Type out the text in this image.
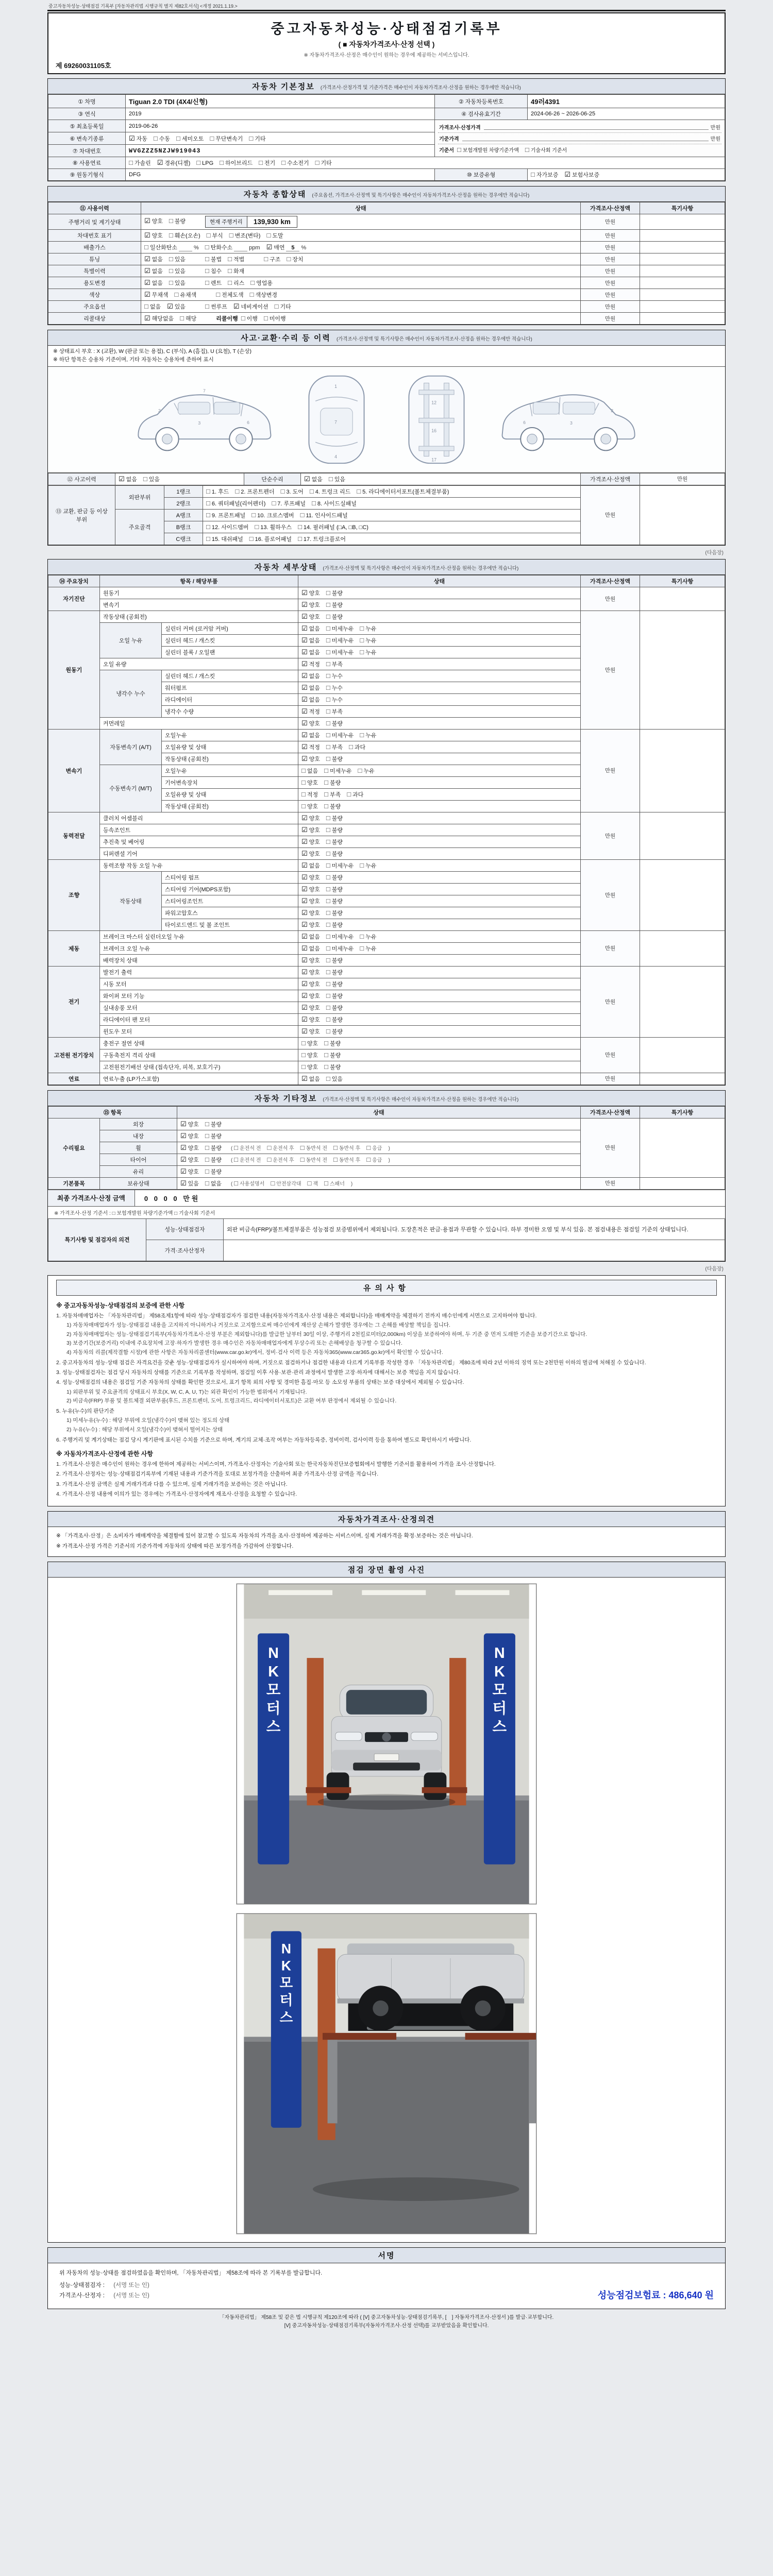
중고자동차성능·상태점검 기록부 [자동차관리법 시행규칙 별지 제82호서식] <개정 2021.1.19.>
중고자동차성능·상태점검기록부
( ■ 자동차가격조사·산정 선택 )
※ 자동차가격조사·산정은 매수인이 원하는 경우에 제공하는 서비스입니다.
제 69260031105호
자동차 기본정보 (가격조사·산정가격 및 기준가격은 매수인이 자동차가격조사·산정을 원하는 경우에만 적습니다)
① 차명	Tiguan 2.0 TDI (4X4/신형)	② 자동차등록번호	49러4391
③ 연식	2019	④ 검사유효기간	2024-06-26 ~ 2026-06-25
⑤ 최초등록일	2019-06-26	가격조사·산정가격	만원
기준가격	만원
기준서 □ 보험개발원 차량기준가액 □ 기술사회 기준서

⑥ 변속기종류	☑ 자동 □ 수동 □ 세미오토 □ 무단변속기 □ 기타		
⑦ 차대번호	WVGZZZ5NZJW919043		
⑧ 사용연료	□ 가솔린 ☑ 경유(디젤) □ LPG □ 하이브리드 □ 전기 □ 수소전기 □ 기타		
⑨ 원동기형식	DFG	⑩ 보증유형	□ 자가보증 ☑ 보험사보증
자동차 종합상태 (주요옵션, 가격조사·산정액 및 특기사항은 매수인이 자동차가격조사·산정을 원하는 경우에만 적습니다)
⑪ 사용이력	상태	가격조사·산정액	특기사항
주행거리 및 계기상태	☑ 양호 □ 불량 현재 주행거리 139,930 km	만원	
차대번호 표기	☑ 양호 □ 훼손(오손) □ 부식 □ 변조(변타) □ 도말	만원	
배출가스	□ 일산화탄소 % □ 탄화수소 ppm ☑ 매연 5 %	만원	
튜닝	☑ 없음 □ 있음 □ 불법 □ 적법 □ 구조 □ 장치	만원	
특별이력	☑ 없음 □ 있음 □ 침수 □ 화재	만원	
용도변경	☑ 없음 □ 있음 □ 렌트 □ 리스 □ 영업용	만원	
색상	☑ 무채색 □ 유채색 □ 전체도색 □ 색상변경	만원	
주요옵션	□ 없음 ☑ 있음 □ 썬루프 ☑ 네비게이션 □ 기타	만원	
리콜대상	☑ 해당없음 □ 해당 리콜이행 □ 이행 □ 미이행	만원	
사고·교환·수리 등 이력 (가격조사·산정액 및 특기사항은 매수인이 자동차가격조사·산정을 원하는 경우에만 적습니다)
※ 상태표시 부호 : X (교환), W (판금 또는 용접), C (부식), A (흠집), U (요철), T (손상)
※ 하단 항목은 승용차 기준이며, 기타 자동차는 승용차에 준하여 표시
2
3	6
7
1
7
4
12
16
17
2
3
6
⑫ 사고이력	☑ 없음 □ 있음	단순수리	☑ 없음 □ 있음	가격조사·산정액	만원
⑬ 교환, 판금 등 이상 부위	외판부위	1랭크	□ 1. 후드 □ 2. 프론트펜더 □ 3. 도어 □ 4. 트렁크 리드 □ 5. 라디에이터서포트(볼트체결부품)	만원	
		2랭크	□ 6. 쿼터패널(리어펜더) □ 7. 루프패널 □ 8. 사이드실패널		
	주요골격	A랭크	□ 9. 프론트패널 □ 10. 크로스멤버 □ 11. 인사이드패널		
		B랭크	□ 12. 사이드멤버 □ 13. 휠하우스 □ 14. 필러패널 (□A, □B, □C)		
		C랭크	□ 15. 대쉬패널 □ 16. 플로어패널 □ 17. 트렁크플로어		
(다음장)
자동차 세부상태 (가격조사·산정액 및 특기사항은 매수인이 자동차가격조사·산정을 원하는 경우에만 적습니다)
⑭ 주요장치	항목 / 해당부품		상태	가격조사·산정액	특기사항
자기진단	원동기		☑ 양호 □ 불량	만원	
	변속기		☑ 양호 □ 불량		
원동기	작동상태 (공회전)		☑ 양호 □ 불량	만원	
	오일 누유	실린더 커버 (로커암 커버)	☑ 없음 □ 미세누유 □ 누유		
		실린더 헤드 / 개스킷	☑ 없음 □ 미세누유 □ 누유		
		실린더 블록 / 오일팬	☑ 없음 □ 미세누유 □ 누유		
	오일 유량		☑ 적정 □ 부족		
	냉각수 누수	실린더 헤드 / 개스킷	☑ 없음 □ 누수		
		워터펌프	☑ 없음 □ 누수		
		라디에이터	☑ 없음 □ 누수		
		냉각수 수량	☑ 적정 □ 부족		
	커먼레일		☑ 양호 □ 불량		
변속기	자동변속기 (A/T)	오일누유	☑ 없음 □ 미세누유 □ 누유	만원	
		오일유량 및 상태	☑ 적정 □ 부족 □ 과다		
		작동상태 (공회전)	☑ 양호 □ 불량		
	수동변속기 (M/T)	오일누유	□ 없음 □ 미세누유 □ 누유		
		기어변속장치	□ 양호 □ 불량		
		오일유량 및 상태	□ 적정 □ 부족 □ 과다		
		작동상태 (공회전)	□ 양호 □ 불량		
동력전달	클러치 어셈블리		☑ 양호 □ 불량	만원	
	등속조인트		☑ 양호 □ 불량		
	추진축 및 베어링		☑ 양호 □ 불량		
	디퍼렌셜 기어		☑ 양호 □ 불량		
조향	동력조향 작동 오일 누유		☑ 없음 □ 미세누유 □ 누유	만원	
	작동상태	스티어링 펌프	☑ 양호 □ 불량		
		스티어링 기어(MDPS포함)	☑ 양호 □ 불량		
		스티어링조인트	☑ 양호 □ 불량		
		파워고압호스	☑ 양호 □ 불량		
		타이로드엔드 및 볼 조인트	☑ 양호 □ 불량		
제동	브레이크 마스터 실린더오일 누유		☑ 없음 □ 미세누유 □ 누유	만원	
	브레이크 오일 누유		☑ 없음 □ 미세누유 □ 누유		
	배력장치 상태		☑ 양호 □ 불량		
전기	발전기 출력		☑ 양호 □ 불량	만원	
	시동 모터		☑ 양호 □ 불량		
	와이퍼 모터 기능		☑ 양호 □ 불량		
	실내송풍 모터		☑ 양호 □ 불량		
	라디에이터 팬 모터		☑ 양호 □ 불량		
	윈도우 모터		☑ 양호 □ 불량		
고전원 전기장치	충전구 절연 상태		□ 양호 □ 불량	만원	
	구동축전지 격리 상태		□ 양호 □ 불량		
	고전원전기배선 상태 (접속단자, 피복, 보호기구)		□ 양호 □ 불량		
연료	연료누출 (LP가스포함)		☑ 없음 □ 있음	만원	
자동차 기타정보 (가격조사·산정액 및 특기사항은 매수인이 자동차가격조사·산정을 원하는 경우에만 적습니다)
⑮ 항목		상태	가격조사·산정액	특기사항
수리필요	외장	☑ 양호 □ 불량	만원	
	내장	☑ 양호 □ 불량		
	휠	☑ 양호 □ 불량 ( □ 운전석 전 □ 운전석 후 □ 동반석 전 □ 동반석 후 □ 응급 )		
	타이어	☑ 양호 □ 불량 ( □ 운전석 전 □ 운전석 후 □ 동반석 전 □ 동반석 후 □ 응급 )		
	유리	☑ 양호 □ 불량		
기본품목	보유상태	☑ 있음 □ 없음 ( □ 사용설명서 □ 안전삼각대 □ 잭 □ 스패너 )	만원	
최종 가격조사·산정 금액	0 0 0 0 만원
※ 가격조사·산정 기준서 : □ 보험개발원 차량기준가액 □ 기술사회 기준서
특기사항 및 점검자의 의견	성능·상태점검자	외판 비금속(FRP)/볼트체결부품은 성능점검 보증범위에서 제외됩니다. 도장흔적은 판금·용접과 무관할 수 있습니다. 하부 경미한 오염 및 부식 있음. 본 점검내용은 점검일 기준의 상태입니다.
	가격·조사산정자	
(다음장)
유의사항
※ 중고자동차성능·상태점검의 보증에 관한 사항
1. 자동차매매업자는 「자동차관리법」 제58조제1항에 따라 성능·상태점검자가 점검한 내용(자동차가격조사·산정 내용은 제외합니다)을 매매계약을 체결하기 전까지 매수인에게 서면으로 고지하여야 합니다.
1) 자동차매매업자가 성능·상태점검 내용을 고지하지 아니하거나 거짓으로 고지함으로써 매수인에게 재산상 손해가 발생한 경우에는 그 손해를 배상할 책임을 집니다.
2) 자동차매매업자는 성능·상태점검기록부(자동차가격조사·산정 부분은 제외합니다)를 발급한 날부터 30일 이상, 주행거리 2천킬로미터(2,000km) 이상을 보증하여야 하며, 두 기준 중 먼저 도래한 기준을 보증기간으로 합니다.
3) 보증기간(보증거리) 이내에 주요장치에 고장·하자가 발생한 경우 매수인은 자동차매매업자에게 무상수리 또는 손해배상을 청구할 수 있습니다.
4) 자동차의 리콜(제작결함 시정)에 관한 사항은 자동차리콜센터(www.car.go.kr)에서, 정비·검사 이력 등은 자동차365(www.car365.go.kr)에서 확인할 수 있습니다.
2. 중고자동차의 성능·상태 점검은 자격요건을 갖춘 성능·상태점검자가 실시하여야 하며, 거짓으로 점검하거나 점검한 내용과 다르게 기록부를 작성한 경우 「자동차관리법」 제80조에 따라 2년 이하의 징역 또는 2천만원 이하의 벌금에 처해질 수 있습니다.
3. 성능·상태점검자는 점검 당시 자동차의 상태를 기준으로 기록부를 작성하며, 점검일 이후 사용·보관·관리 과정에서 발생한 고장·하자에 대해서는 보증 책임을 지지 않습니다.
4. 성능·상태점검의 내용은 점검일 기준 자동차의 상태를 확인한 것으로서, 표기 항목 외의 사항 및 경미한 흠집·마모 등 소모성 부품의 상태는 보증 대상에서 제외될 수 있습니다.
1) 외판부위 및 주요골격의 상태표시 부호(X, W, C, A, U, T)는 외관 확인이 가능한 범위에서 기재됩니다.
2) 비금속(FRP) 부품 및 볼트체결 외판부품(후드, 프론트펜더, 도어, 트렁크리드, 라디에이터서포트)은 교환 여부 판정에서 제외될 수 있습니다.
5. 누유(누수)의 판단기준
1) 미세누유(누수) : 해당 부위에 오일(냉각수)이 맺혀 있는 정도의 상태
2) 누유(누수) : 해당 부위에서 오일(냉각수)이 맺혀서 떨어지는 상태
6. 주행거리 및 계기상태는 점검 당시 계기판에 표시된 수치를 기준으로 하며, 계기의 교체·조작 여부는 자동차등록증, 정비이력, 검사이력 등을 통하여 별도로 확인하시기 바랍니다.
※ 자동차가격조사·산정에 관한 사항
1. 가격조사·산정은 매수인이 원하는 경우에 한하여 제공하는 서비스이며, 가격조사·산정자는 기술사회 또는 한국자동차진단보증협회에서 발행한 기준서를 활용하여 가격을 조사·산정합니다.
2. 가격조사·산정자는 성능·상태점검기록부에 기재된 내용과 기준가격을 토대로 보정가격을 산출하여 최종 가격조사·산정 금액을 적습니다.
3. 가격조사·산정 금액은 실제 거래가격과 다를 수 있으며, 실제 거래가격을 보증하는 것은 아닙니다.
4. 가격조사·산정 내용에 이의가 있는 경우에는 가격조사·산정자에게 재조사·산정을 요청할 수 있습니다.
자동차가격조사·산정의견
※ 「가격조사·산정」은 소비자가 매매계약을 체결함에 있어 참고할 수 있도록 자동차의 가격을 조사·산정하여 제공하는 서비스이며, 실제 거래가격을 확정·보증하는 것은 아닙니다.
※ 가격조사·산정 가격은 기준서의 기준가격에 자동차의 상태에 따른 보정가격을 가감하여 산정합니다.
점검 장면 촬영 사진
N K 모 터 스
N K 모 터 스
N K 모 터 스
서명
위 자동차의 성능·상태를 점검하였음을 확인하며, 「자동차관리법」 제58조에 따라 본 기록부를 발급합니다.
성능·상태점검자 : (서명 또는 인)
가격조사·산정자 : (서명 또는 인)	성능점검보험료 : 486,640 원
「자동차관리법」 제58조 및 같은 법 시행규칙 제120조에 따라 ( [V] 중고자동차성능·상태점검기록부, [　] 자동차가격조사·산정서 )를 발급·교부합니다.
[V] 중고자동차성능·상태점검기록부(자동차가격조사·산정 선택)를 교부받았음을 확인합니다.
